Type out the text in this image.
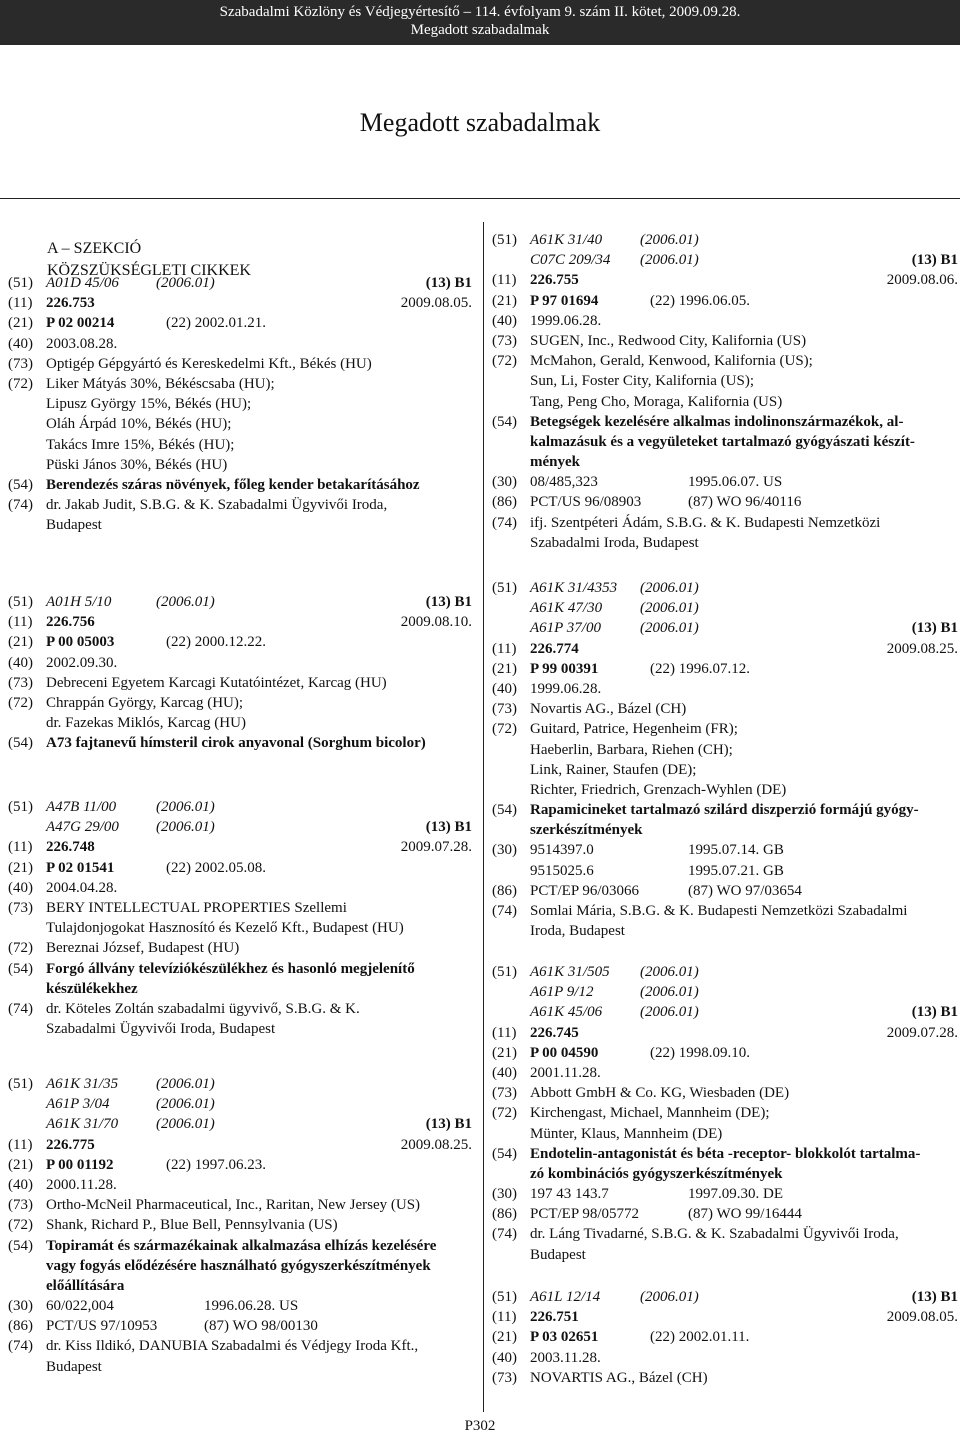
Szabadalmi Közlöny és Védjegyértesítő – 114. évfolyam 9. szám II. kötet, 2009.09.28.
Megadott szabadalmak
Megadott szabadalmak
A – SZEKCIÓ
KÖZSZÜKSÉGLETI CIKKEK
(51) A01D 45/06 (2006.01)	(13) B1
(11) 226.753	2009.08.05.
(21) P 02 00214	(22) 2002.01.21.
(40) 2003.08.28.
(73) Optigép Gépgyártó és Kereskedelmi Kft., Békés (HU)
(72) Liker Mátyás 30%, Békéscsaba (HU);
Lipusz György 15%, Békés (HU);
Oláh Árpád 10%, Békés (HU);
Takács Imre 15%, Békés (HU);
Püski János 30%, Békés (HU)
(54) Berendezés száras növények, főleg kender betakarításához
(74) dr. Jakab Judit, S.B.G. & K. Szabadalmi Ügyvivői Iroda,
Budapest
(51) A01H 5/10	(2006.01)	(13) B1
(11) 226.756	2009.08.10.
(21) P 00 05003	(22) 2000.12.22.
(40) 2002.09.30.
(73) Debreceni Egyetem Karcagi Kutatóintézet, Karcag (HU)
(72) Chrappán György, Karcag (HU);
dr. Fazekas Miklós, Karcag (HU)
(54) A73 fajtanevű hímsteril cirok anyavonal (Sorghum bicolor)
(51) A47B 11/00	(2006.01)
A47G 29/00 (2006.01)	(13) B1
(11) 226.748	2009.07.28.
(21) P 02 01541	(22) 2002.05.08.
(40) 2004.04.28.
(73) BERY INTELLECTUAL PROPERTIES Szellemi
Tulajdonjogokat Hasznosító és Kezelő Kft., Budapest (HU)
(72) Bereznai József, Budapest (HU)
(54) Forgó állvány televíziókészülékhez és hasonló megjelenítő
készülékekhez
(74) dr. Köteles Zoltán szabadalmi ügyvivő, S.B.G. & K.
Szabadalmi Ügyvivői Iroda, Budapest
(51) A61K 31/35	(2006.01)
A61P 3/04	(2006.01)
A61K 31/70	(2006.01)	(13) B1
(11) 226.775	2009.08.25.
(21) P 00 01192	(22) 1997.06.23.
(40) 2000.11.28.
(73) Ortho-McNeil Pharmaceutical, Inc., Raritan, New Jersey (US)
(72) Shank, Richard P., Blue Bell, Pennsylvania (US)
(54) Topiramát és származékainak alkalmazása elhízás kezelésére
vagy fogyás elődézésére használható gyógyszerkészítmények
előállítására
(30) 60/022,004	1996.06.28. US
(86) PCT/US 97/10953	(87) WO 98/00130
(74) dr. Kiss Ildikó, DANUBIA Szabadalmi és Védjegy Iroda Kft.,
Budapest
(51) A61K 31/40	(2006.01)
C07C 209/34 (2006.01)	(13) B1
(11) 226.755	2009.08.06.
(21) P 97 01694	(22) 1996.06.05.
(40) 1999.06.28.
(73) SUGEN, Inc., Redwood City, Kalifornia (US)
(72) McMahon, Gerald, Kenwood, Kalifornia (US);
Sun, Li, Foster City, Kalifornia (US);
Tang, Peng Cho, Moraga, Kalifornia (US)
(54) Betegségek kezelésére alkalmas indolinonszármazékok, al-
kalmazásuk és a vegyületeket tartalmazó gyógyászati készít-
mények
(30) 08/485,323	1995.06.07. US
(86) PCT/US 96/08903	(87) WO 96/40116
(74) ifj. Szentpéteri Ádám, S.B.G. & K. Budapesti Nemzetközi
Szabadalmi Iroda, Budapest
(51) A61K 31/4353 (2006.01)
A61K 47/30	(2006.01)
A61P 37/00	(2006.01)	(13) B1
(11) 226.774	2009.08.25.
(21) P 99 00391	(22) 1996.07.12.
(40) 1999.06.28.
(73) Novartis AG., Bázel (CH)
(72) Guitard, Patrice, Hegenheim (FR);
Haeberlin, Barbara, Riehen (CH);
Link, Rainer, Staufen (DE);
Richter, Friedrich, Grenzach-Wyhlen (DE)
(54) Rapamicineket tartalmazó szilárd diszperzió formájú gyógy-
szerkészítmények
(30) 9514397.0	1995.07.14. GB
9515025.6	1995.07.21. GB
(86) PCT/EP 96/03066	(87) WO 97/03654
(74) Somlai Mária, S.B.G. & K. Budapesti Nemzetközi Szabadalmi
Iroda, Budapest
(51) A61K 31/505 (2006.01)
A61P 9/12	(2006.01)
A61K 45/06	(2006.01)	(13) B1
(11) 226.745	2009.07.28.
(21) P 00 04590	(22) 1998.09.10.
(40) 2001.11.28.
(73) Abbott GmbH & Co. KG, Wiesbaden (DE)
(72) Kirchengast, Michael, Mannheim (DE);
Münter, Klaus, Mannheim (DE)
(54) Endotelin-antagonistát és béta -receptor- blokkolót tartalma-
zó kombinációs gyógyszerkészítmények
(30) 197 43 143.7	1997.09.30. DE
(86) PCT/EP 98/05772	(87) WO 99/16444
(74) dr. Láng Tivadarné, S.B.G. & K. Szabadalmi Ügyvivői Iroda,
Budapest
(51) A61L 12/14	(2006.01)	(13) B1
(11) 226.751	2009.08.05.
(21) P 03 02651	(22) 2002.01.11.
(40) 2003.11.28.
(73) NOVARTIS AG., Bázel (CH)
P302
